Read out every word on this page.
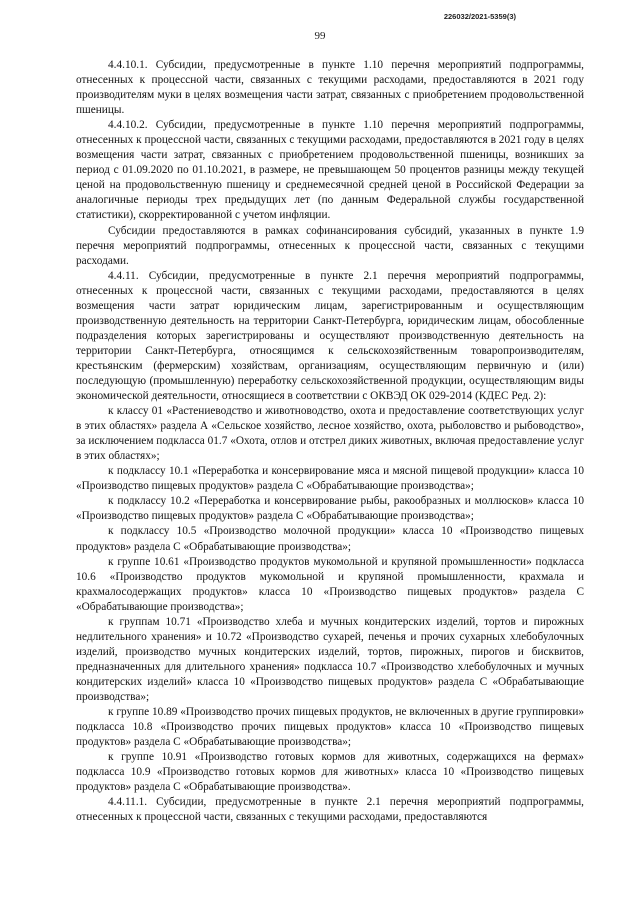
226032/2021-5359(3)
99

4.4.10.1. Субсидии, предусмотренные в пункте 1.10 перечня мероприятий подпрограммы, отнесенных к процессной части, связанных с текущими расходами, предоставляются в 2021 году производителям муки в целях возмещения части затрат, связанных с приобретением продовольственной пшеницы.

4.4.10.2. Субсидии, предусмотренные в пункте 1.10 перечня мероприятий подпрограммы, отнесенных к процессной части, связанных с текущими расходами, предоставляются в 2021 году в целях возмещения части затрат, связанных с приобретением продовольственной пшеницы, возникших за период с 01.09.2020 по 01.10.2021, в размере, не превышающем 50 процентов разницы между текущей ценой на продовольственную пшеницу и среднемесячной средней ценой в Российской Федерации за аналогичные периоды трех предыдущих лет (по данным Федеральной службы государственной статистики), скорректированной с учетом инфляции.

Субсидии предоставляются в рамках софинансирования субсидий, указанных в пункте 1.9 перечня мероприятий подпрограммы, отнесенных к процессной части, связанных с текущими расходами.

4.4.11. Субсидии, предусмотренные в пункте 2.1 перечня мероприятий подпрограммы, отнесенных к процессной части, связанных с текущими расходами, предоставляются в целях возмещения части затрат юридическим лицам, зарегистрированным и осуществляющим производственную деятельность на территории Санкт-Петербурга, юридическим лицам, обособленные подразделения которых зарегистрированы и осуществляют производственную деятельность на территории Санкт-Петербурга, относящимся к сельскохозяйственным товаропроизводителям, крестьянским (фермерским) хозяйствам, организациям, осуществляющим первичную и (или) последующую (промышленную) переработку сельскохозяйственной продукции, осуществляющим виды экономической деятельности, относящиеся в соответствии с ОКВЭД ОК 029-2014 (КДЕС Ред. 2):

к классу 01 «Растениеводство и животноводство, охота и предоставление соответствующих услуг в этих областях» раздела А «Сельское хозяйство, лесное хозяйство, охота, рыболовство и рыбоводство», за исключением подкласса 01.7 «Охота, отлов и отстрел диких животных, включая предоставление услуг в этих областях»;

к подклассу 10.1 «Переработка и консервирование мяса и мясной пищевой продукции» класса 10 «Производство пищевых продуктов» раздела С «Обрабатывающие производства»;

к подклассу 10.2 «Переработка и консервирование рыбы, ракообразных и моллюсков» класса 10 «Производство пищевых продуктов» раздела С «Обрабатывающие производства»;

к подклассу 10.5 «Производство молочной продукции» класса 10 «Производство пищевых продуктов» раздела С «Обрабатывающие производства»;

к группе 10.61 «Производство продуктов мукомольной и крупяной промышленности» подкласса 10.6 «Производство продуктов мукомольной и крупяной промышленности, крахмала и крахмалосодержащих продуктов» класса 10 «Производство пищевых продуктов» раздела С «Обрабатывающие производства»;

к группам 10.71 «Производство хлеба и мучных кондитерских изделий, тортов и пирожных недлительного хранения» и 10.72 «Производство сухарей, печенья и прочих сухарных хлебобулочных изделий, производство мучных кондитерских изделий, тортов, пирожных, пирогов и бисквитов, предназначенных для длительного хранения» подкласса 10.7 «Производство хлебобулочных и мучных кондитерских изделий» класса 10 «Производство пищевых продуктов» раздела С «Обрабатывающие производства»;

к группе 10.89 «Производство прочих пищевых продуктов, не включенных в другие группировки» подкласса 10.8 «Производство прочих пищевых продуктов» класса 10 «Производство пищевых продуктов» раздела С «Обрабатывающие производства»;

к группе 10.91 «Производство готовых кормов для животных, содержащихся на фермах» подкласса 10.9 «Производство готовых кормов для животных» класса 10 «Производство пищевых продуктов» раздела С «Обрабатывающие производства».

4.4.11.1. Субсидии, предусмотренные в пункте 2.1 перечня мероприятий подпрограммы, отнесенных к процессной части, связанных с текущими расходами, предоставляются
